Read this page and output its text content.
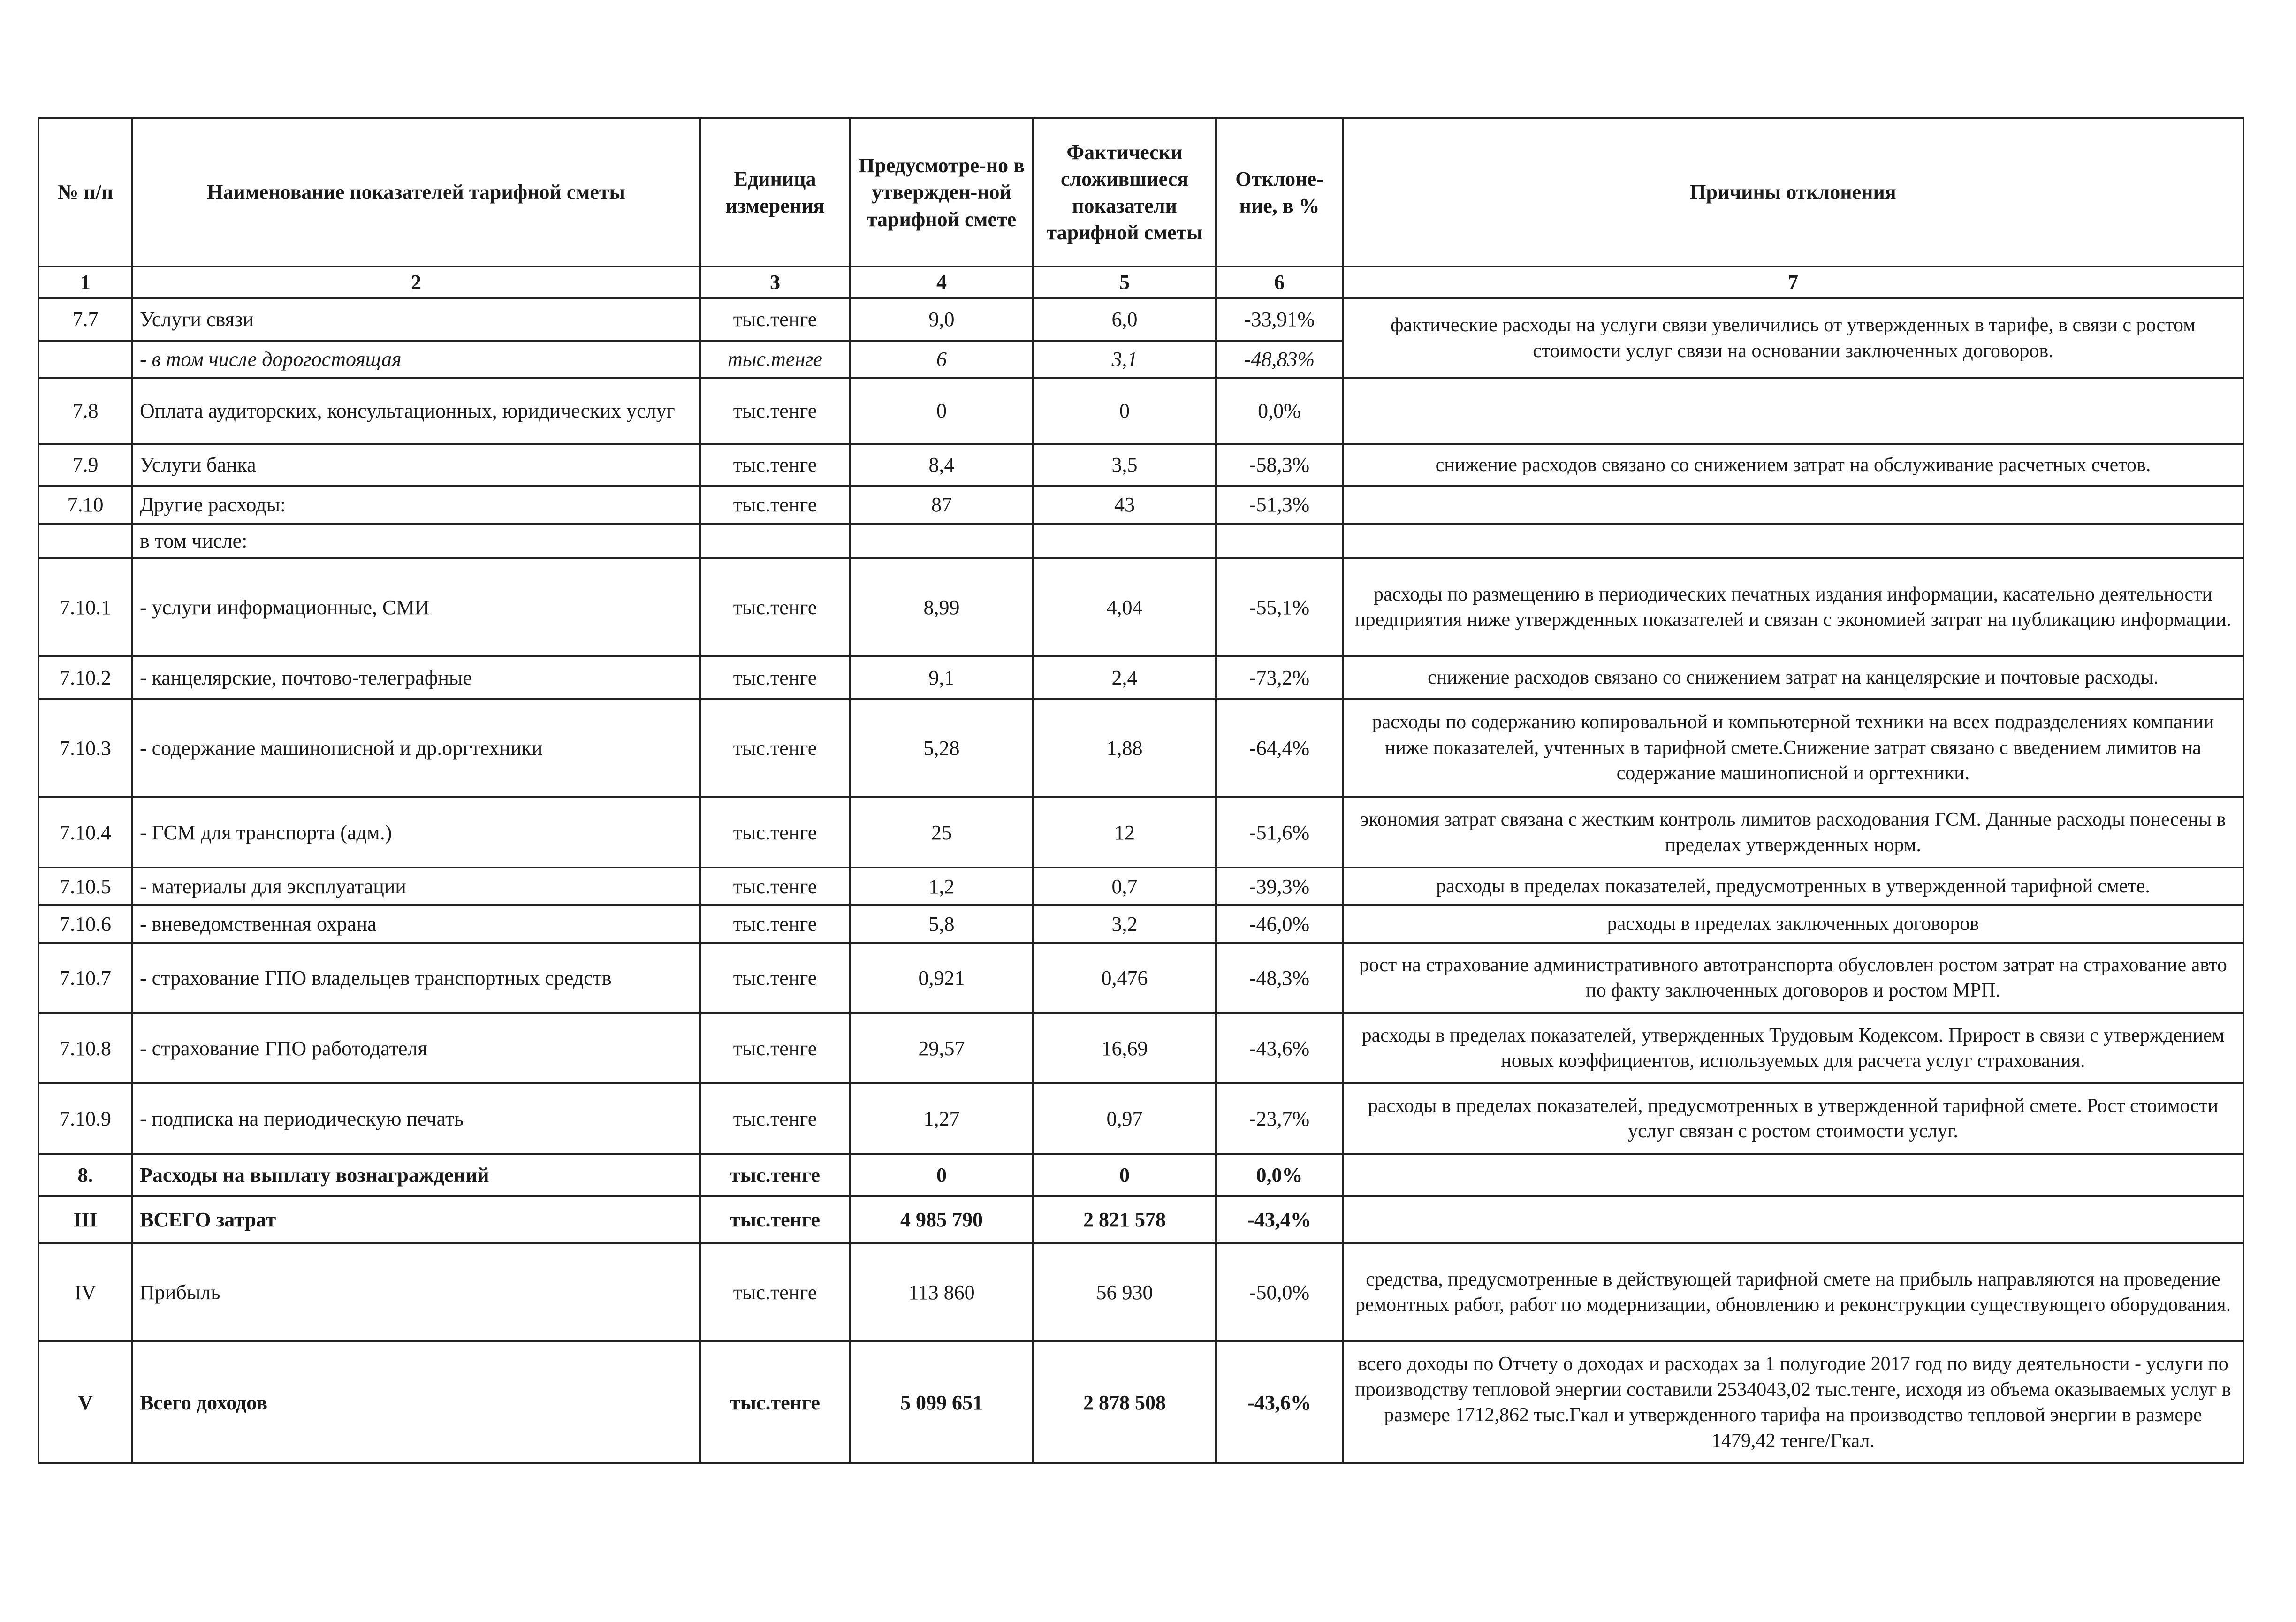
№ п/п	Наименование показателей тарифной сметы	Единица измерения	Предусмотре-но в утвержден-ной тарифной смете	Фактически сложившиеся показатели тарифной сметы	Отклоне-ние, в %	Причины отклонения
1	2	3	4	5	6	7
7.7	Услуги связи	тыс.тенге	9,0	6,0	-33,91%	фактические расходы на услуги связи увеличились от утвержденных в тарифе, в связи с ростом стоимости услуг связи на основании заключенных договоров.
	- в том числе дорогостоящая	тыс.тенге	6	3,1	-48,83%	
7.8	Оплата аудиторских, консультационных, юридических услуг	тыс.тенге	0	0	0,0%	
7.9	Услуги банка	тыс.тенге	8,4	3,5	-58,3%	снижение расходов связано со снижением затрат на обслуживание расчетных счетов.
7.10	Другие расходы:	тыс.тенге	87	43	-51,3%	
	в том числе:					
7.10.1	- услуги информационные, СМИ	тыс.тенге	8,99	4,04	-55,1%	расходы по размещению в периодических печатных издания информации, касательно деятельности предприятия ниже утвержденных показателей и связан с экономией затрат на публикацию информации.
7.10.2	- канцелярские, почтово-телеграфные	тыс.тенге	9,1	2,4	-73,2%	снижение расходов связано со снижением затрат на канцелярские и почтовые расходы.
7.10.3	- содержание машинописной и др.оргтехники	тыс.тенге	5,28	1,88	-64,4%	расходы по содержанию копировальной и компьютерной техники на всех подразделениях компании ниже показателей, учтенных в тарифной смете.Снижение затрат связано с введением лимитов на содержание машинописной и оргтехники.
7.10.4	- ГСМ для транспорта (адм.)	тыс.тенге	25	12	-51,6%	экономия затрат связана с жестким контроль лимитов расходования ГСМ. Данные расходы понесены в пределах утвержденных норм.
7.10.5	- материалы для эксплуатации	тыс.тенге	1,2	0,7	-39,3%	расходы в пределах показателей, предусмотренных в утвержденной тарифной смете.
7.10.6	- вневедомственная охрана	тыс.тенге	5,8	3,2	-46,0%	расходы в пределах заключенных договоров
7.10.7	- страхование ГПО владельцев транспортных средств	тыс.тенге	0,921	0,476	-48,3%	рост на страхование административного автотранспорта обусловлен ростом затрат на страхование авто по факту заключенных договоров и ростом МРП.
7.10.8	- страхование ГПО работодателя	тыс.тенге	29,57	16,69	-43,6%	расходы в пределах показателей, утвержденных Трудовым Кодексом. Прирост в связи с утверждением новых коэффициентов, используемых для расчета услуг страхования.
7.10.9	- подписка на периодическую печать	тыс.тенге	1,27	0,97	-23,7%	расходы в пределах показателей, предусмотренных в утвержденной тарифной смете. Рост стоимости услуг связан с ростом стоимости услуг.
8.	Расходы на выплату вознаграждений	тыс.тенге	0	0	0,0%	
III	ВСЕГО затрат	тыс.тенге	4 985 790	2 821 578	-43,4%	
IV	Прибыль	тыс.тенге	113 860	56 930	-50,0%	средства, предусмотренные в действующей тарифной смете на прибыль направляются на проведение ремонтных работ, работ по модернизации, обновлению и реконструкции существующего оборудования.
V	Всего доходов	тыс.тенге	5 099 651	2 878 508	-43,6%	всего доходы по Отчету о доходах и расходах за 1 полугодие 2017 год по виду деятельности - услуги по производству тепловой энергии составили 2534043,02 тыс.тенге, исходя из объема оказываемых услуг в размере 1712,862 тыс.Гкал и утвержденного тарифа на производство тепловой энергии в размере 1479,42 тенге/Гкал.
